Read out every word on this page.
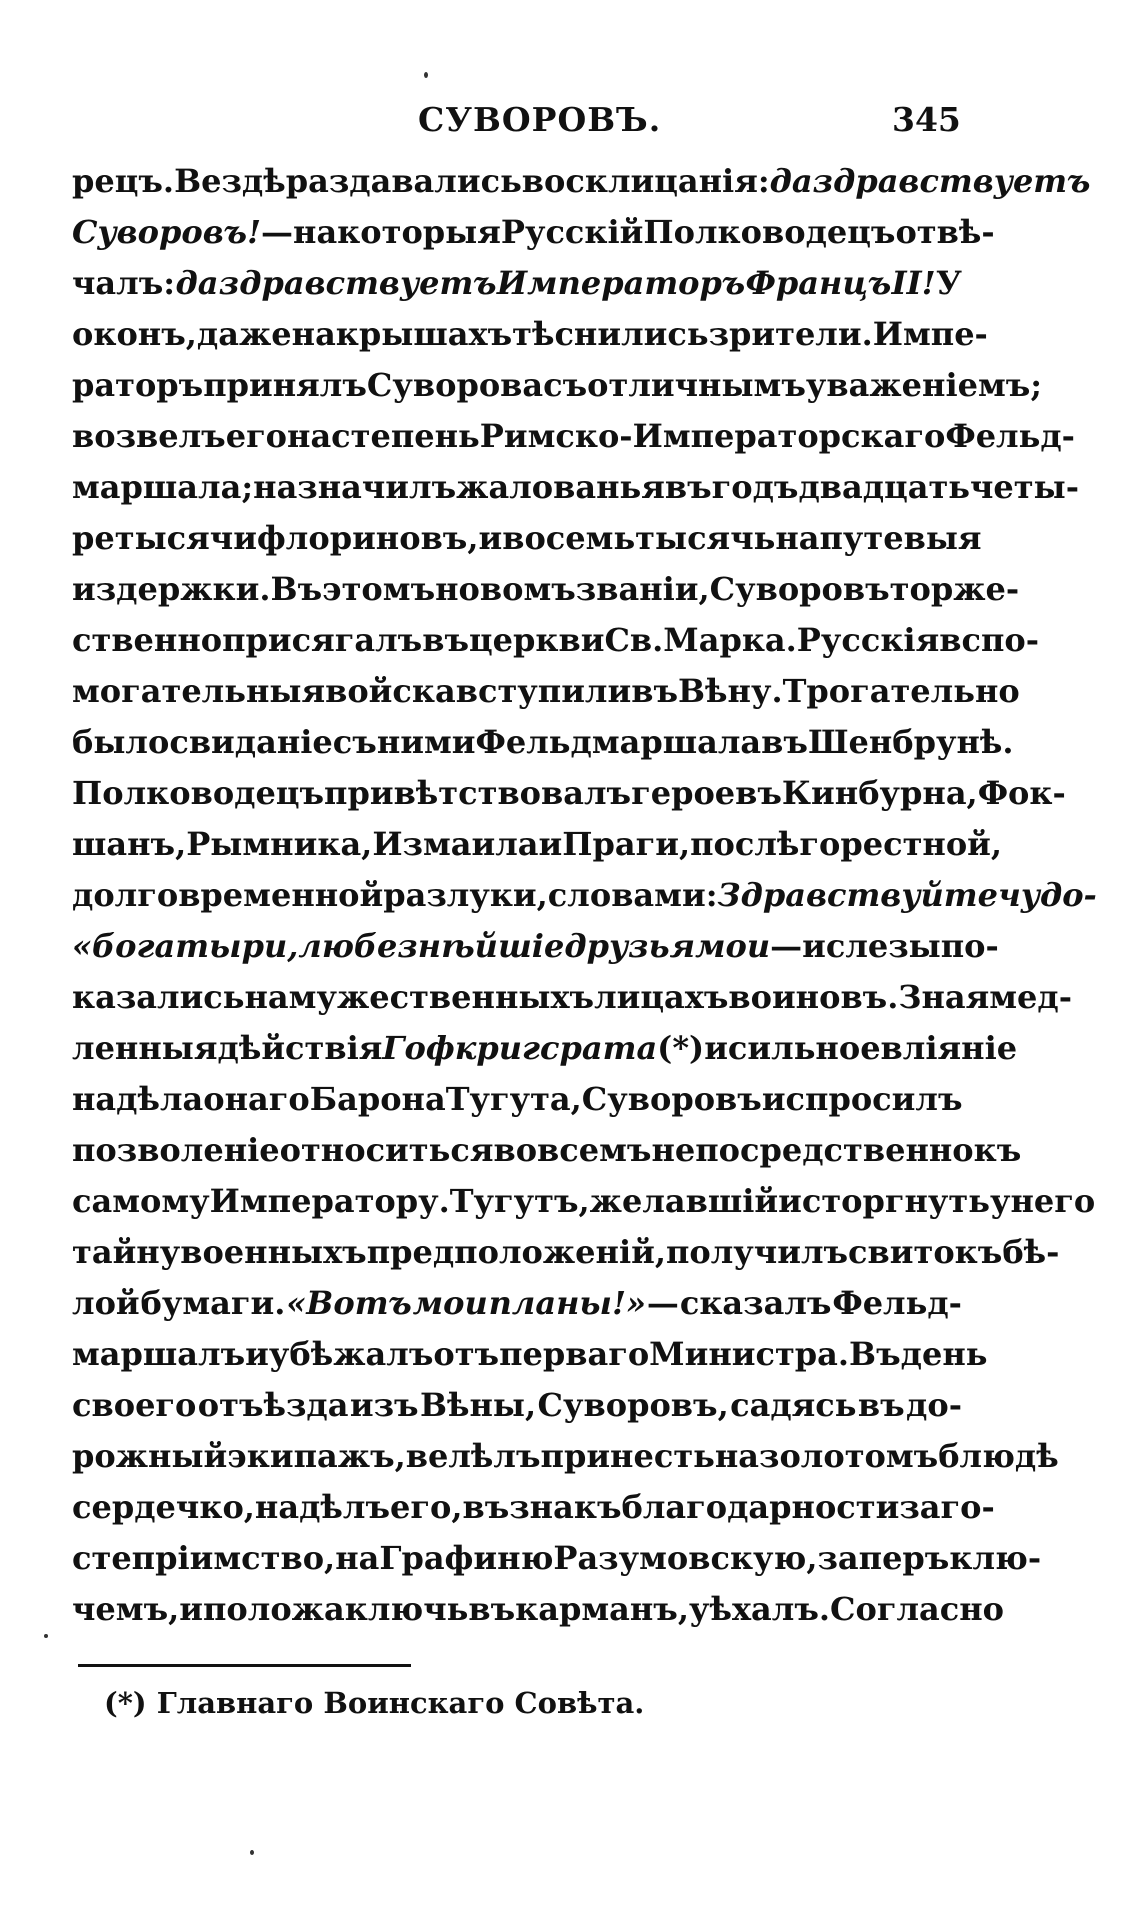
СУВОРОВЪ.	345
рецъ. Вездѣ раздавались восклицанія: да здравствуетъ
Суворовъ! — на которыя Русскій Полководецъ отвѣ-
чалъ: да здравствуетъ Императоръ Францъ II! У
оконъ, даже на крышахъ тѣснились зрители. Импе-
раторъ принялъ Суворова съ отличнымъ уваженіемъ;
возвелъ его на степень Римско-Императорскаго Фельд-
маршала; назначилъ жалованья въ годъ двадцать четы-
ре тысячи флориновъ, и восемь тысячь на путевыя
издержки. Въ этомъ новомъ званіи, Суворовъ торже-
ственно присягалъ въ церкви Св. Марка. Русскія вспо-
могательныя войска вступили въ Вѣну. Трогательно
было свиданіе съ ними Фельдмаршала въ Шенбрунѣ.
Полководецъ привѣтствовалъ героевъ Кинбурна, Фок-
шанъ, Рымника, Измаила и Праги, послѣ горестной,
долговременной разлуки, словами: Здравствуйте чудо-
«богатыри, любезнѣйшіе друзья мои — и слезы по-
казались на мужественныхъ лицахъ воиновъ. Зная мед-
ленныя дѣйствія Гофкригсрата (*) и сильное вліяніе
на дѣла онаго Барона Тугута, Суворовъ испросилъ
позволеніе относиться во всемъ непосредственно къ
самому Императору. Тугутъ, желавшій исторгнуть у него
тайну военныхъ предположеній, получилъ свитокъ бѣ-
лой бумаги. «Вотъ мои планы!» — сказалъ Фельд-
маршалъ и убѣжалъ отъ перваго Министра. Въ день
своего отъѣзда изъ Вѣны, Суворовъ, садясь въ до-
рожный экипажъ, велѣлъ принесть на золотомъ блюдѣ
сердечко, надѣлъ его, въ знакъ благодарности за го-
степріимство, на Графиню Разумовскую, заперъ клю-
чемъ, и положа ключь въ карманъ, уѣхалъ. Согласно
(*) Главнаго Воинскаго Совѣта.
